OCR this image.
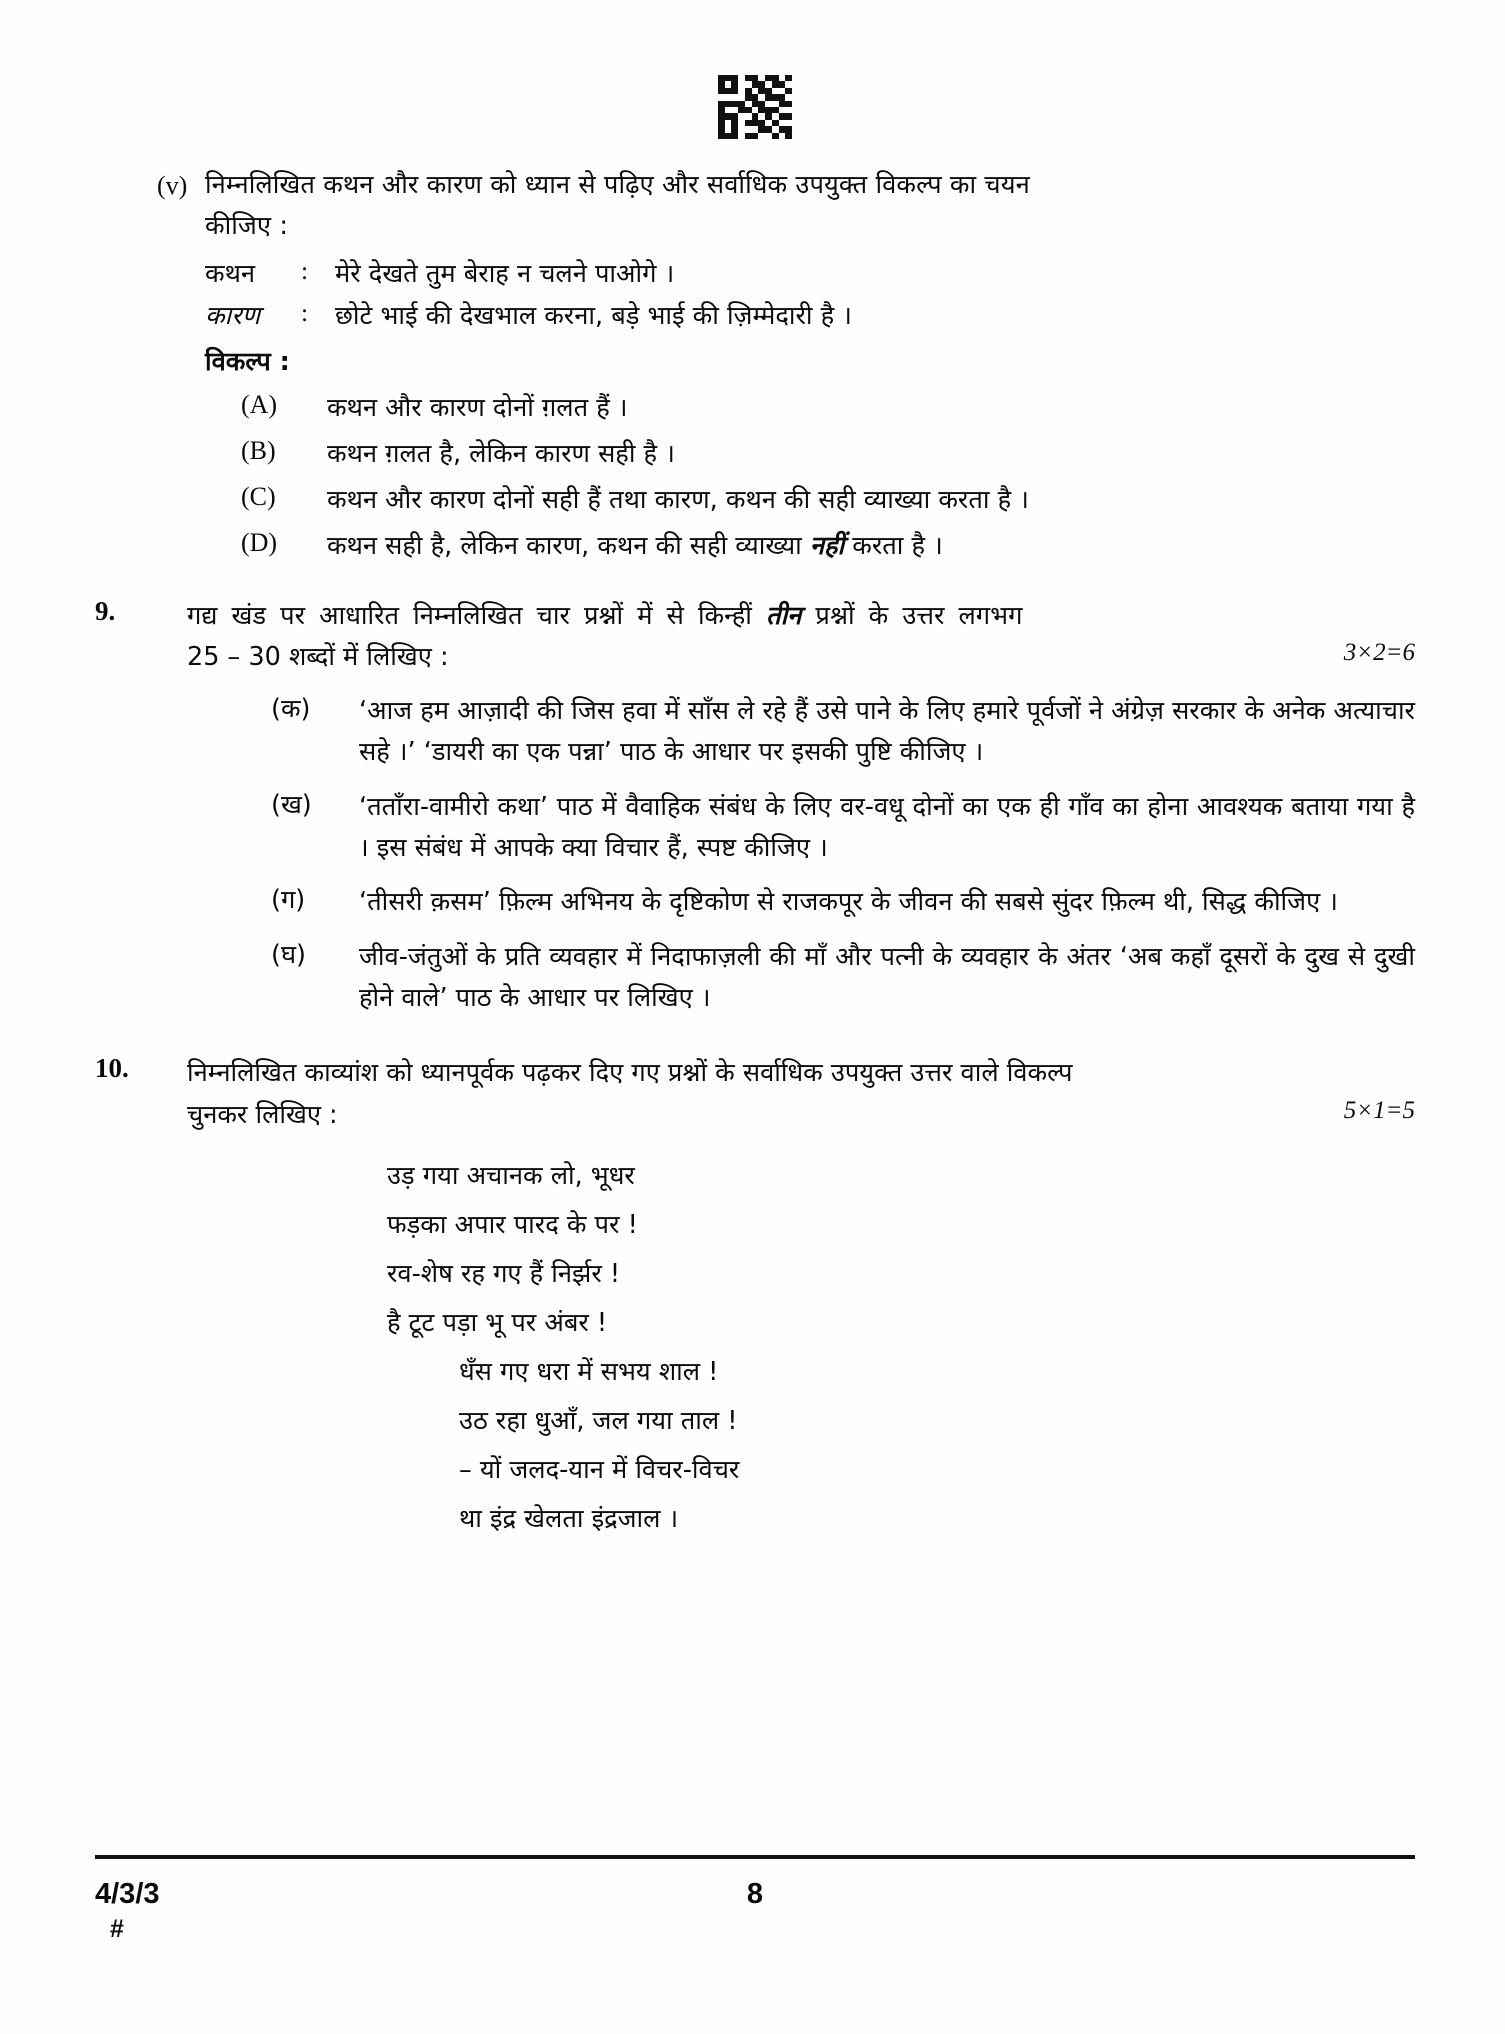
(v) निम्नलिखित कथन और कारण को ध्यान से पढ़िए और सर्वाधिक उपयुक्त विकल्प का चयन
कीजिए :
कथन	:	मेरे देखते तुम बेराह न चलने पाओगे ।
कारण	:	छोटे भाई की देखभाल करना, बड़े भाई की ज़िम्मेदारी है ।
विकल्प :
(A)	कथन और कारण दोनों ग़लत हैं ।
(B)	कथन ग़लत है, लेकिन कारण सही है ।
(C)	कथन और कारण दोनों सही हैं तथा कारण, कथन की सही व्याख्या करता है ।
(D)	कथन सही है, लेकिन कारण, कथन की सही व्याख्या नहीं करता है ।
9.	गद्य खंड पर आधारित निम्नलिखित चार प्रश्नों में से किन्हीं तीन प्रश्नों के उत्तर लगभग
25 – 30 शब्दों में लिखिए :	3×2=6
(क)	‘आज हम आज़ादी की जिस हवा में साँस ले रहे हैं उसे पाने के लिए हमारे पूर्वजों ने अंग्रेज़ सरकार के अनेक अत्याचार सहे ।’ ‘डायरी का एक पन्ना’ पाठ के आधार पर इसकी पुष्टि कीजिए ।
(ख)	‘तताँरा-वामीरो कथा’ पाठ में वैवाहिक संबंध के लिए वर-वधू दोनों का एक ही गाँव का होना आवश्यक बताया गया है । इस संबंध में आपके क्या विचार हैं, स्पष्ट कीजिए ।
(ग)	‘तीसरी क़सम’ फ़िल्म अभिनय के दृष्टिकोण से राजकपूर के जीवन की सबसे सुंदर फ़िल्म थी, सिद्ध कीजिए ।
(घ)	जीव-जंतुओं के प्रति व्यवहार में निदाफाज़ली की माँ और पत्नी के व्यवहार के अंतर ‘अब कहाँ दूसरों के दुख से दुखी होने वाले’ पाठ के आधार पर लिखिए ।
10.	निम्नलिखित काव्यांश को ध्यानपूर्वक पढ़कर दिए गए प्रश्नों के सर्वाधिक उपयुक्त उत्तर वाले विकल्प
चुनकर लिखिए :	5×1=5
उड़ गया अचानक लो, भूधर
फड़का अपार पारद के पर !
रव-शेष रह गए हैं निर्झर !
है टूट पड़ा भू पर अंबर !
धँस गए धरा में सभय शाल !
उठ रहा धुआँ, जल गया ताल !
– यों जलद-यान में विचर-विचर
था इंद्र खेलता इंद्रजाल ।
4/3/3	8
#
